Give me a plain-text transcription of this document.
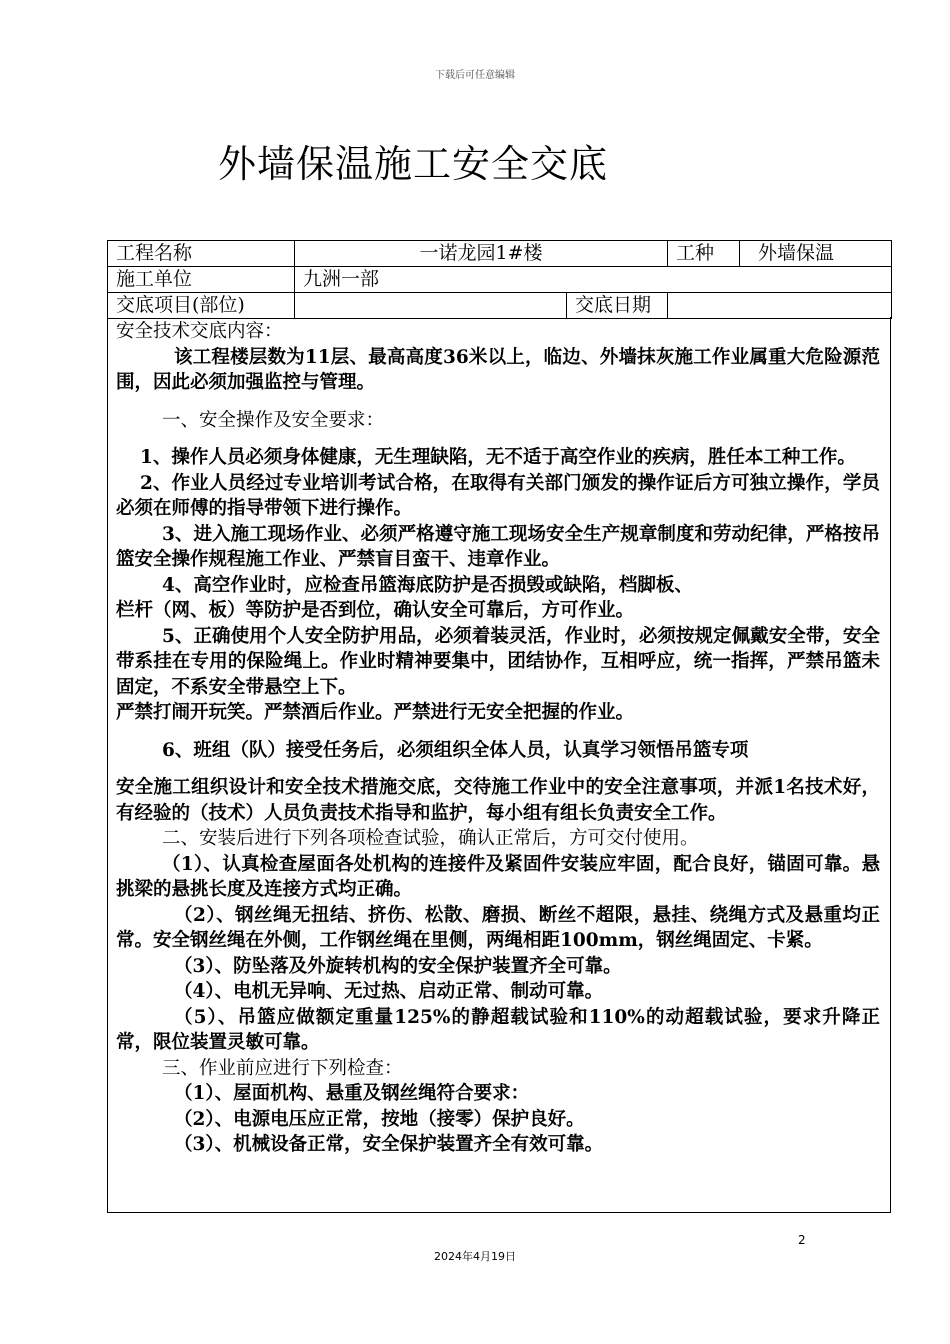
下载后可任意编辑
外墙保温施工安全交底
工程名称	一诺龙园1#楼		工种	外墙保温
施工单位	九洲一部			
交底项目(部位)		交底日期		

安全技术交底内容：

该工程楼层数为11层、最高高度36米以上，临边、外墙抹灰施工作业属重大危险源范围，因此必须加强监控与管理。

一、安全操作及安全要求：

1、操作人员必须身体健康，无生理缺陷，无不适于高空作业的疾病，胜任本工种工作。

2、作业人员经过专业培训考试合格，在取得有关部门颁发的操作证后方可独立操作，学员必须在师傅的指导带领下进行操作。

3、进入施工现场作业、必须严格遵守施工现场安全生产规章制度和劳动纪律，严格按吊篮安全操作规程施工作业、严禁盲目蛮干、违章作业。

4、高空作业时，应检查吊篮海底防护是否损毁或缺陷，档脚板、

栏杆（网、板）等防护是否到位，确认安全可靠后，方可作业。

5、正确使用个人安全防护用品，必须着装灵活，作业时，必须按规定佩戴安全带，安全带系挂在专用的保险绳上。作业时精神要集中，团结协作，互相呼应，统一指挥，严禁吊篮未固定，不系安全带悬空上下。

严禁打闹开玩笑。严禁酒后作业。严禁进行无安全把握的作业。

6、班组（队）接受任务后，必须组织全体人员，认真学习领悟吊篮专项

安全施工组织设计和安全技术措施交底，交待施工作业中的安全注意事项，并派1名技术好，有经验的（技术）人员负责技术指导和监护，每小组有组长负责安全工作。

二、安装后进行下列各项检查试验，确认正常后，方可交付使用。

（1）、认真检查屋面各处机构的连接件及紧固件安装应牢固，配合良好，锚固可靠。悬挑梁的悬挑长度及连接方式均正确。

（2）、钢丝绳无扭结、挤伤、松散、磨损、断丝不超限，悬挂、绕绳方式及悬重均正常。安全钢丝绳在外侧，工作钢丝绳在里侧，两绳相距100mm，钢丝绳固定、卡紧。

（3）、防坠落及外旋转机构的安全保护装置齐全可靠。

（4）、电机无异响、无过热、启动正常、制动可靠。

（5）、吊篮应做额定重量125%的静超载试验和110%的动超载试验，要求升降正常，限位装置灵敏可靠。

三、作业前应进行下列检查：

（1）、屋面机构、悬重及钢丝绳符合要求：

（2）、电源电压应正常，按地（接零）保护良好。

（3）、机械设备正常，安全保护装置齐全有效可靠。

2
2024年4月19日
